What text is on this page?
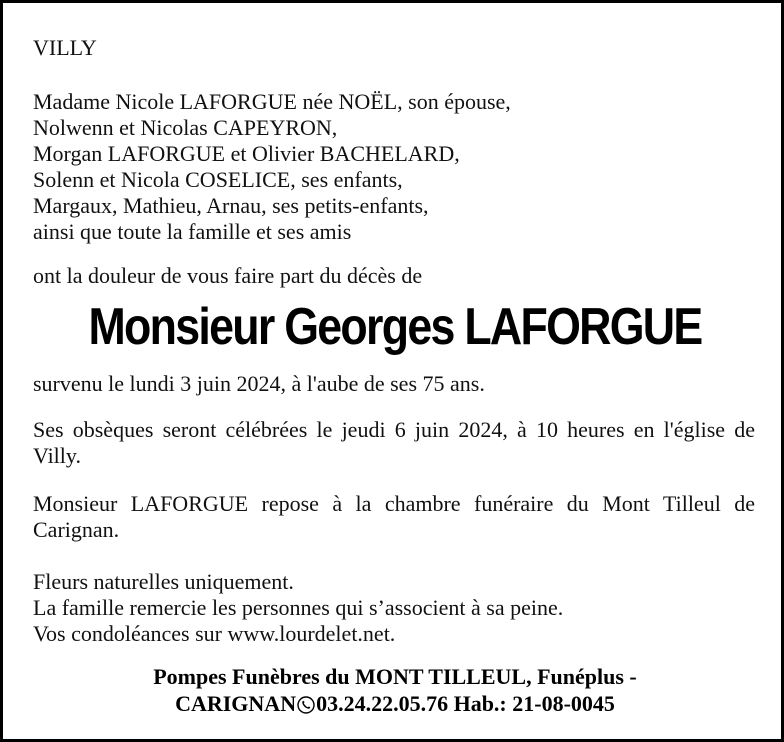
VILLY
Madame Nicole LAFORGUE née NOËL, son épouse,
Nolwenn et Nicolas CAPEYRON,
Morgan LAFORGUE et Olivier BACHELARD,
Solenn et Nicola COSELICE, ses enfants,
Margaux, Mathieu, Arnau, ses petits-enfants,
ainsi que toute la famille et ses amis
ont la douleur de vous faire part du décès de
Monsieur Georges LAFORGUE
survenu le lundi 3 juin 2024, à l'aube de ses 75 ans.
Ses obsèques seront célébrées le jeudi 6 juin 2024, à 10 heures en l'église de Villy.
Monsieur LAFORGUE repose à la chambre funéraire du Mont Tilleul de Carignan.
Fleurs naturelles uniquement.
La famille remercie les personnes qui s’associent à sa peine.
Vos condoléances sur www.lourdelet.net.
Pompes Funèbres du MONT TILLEUL, Funéplus -
CARIGNAN 03.24.22.05.76 Hab.: 21-08-0045
